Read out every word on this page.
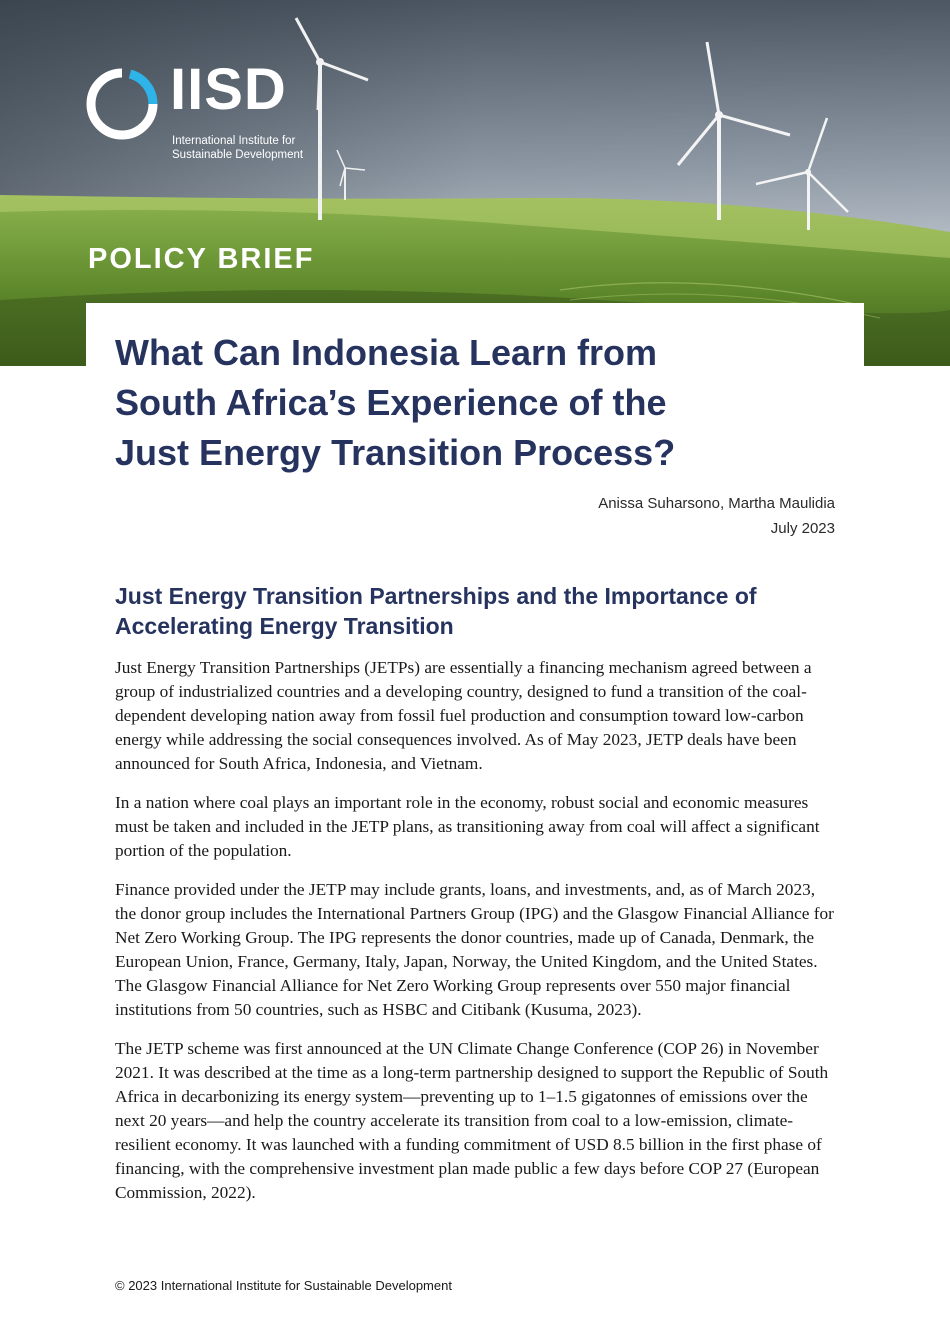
IISD
International Institute for
Sustainable Development
POLICY BRIEF
What Can Indonesia Learn from
South Africa’s Experience of the
Just Energy Transition Process?
Anissa Suharsono, Martha Maulidia
July 2023
Just Energy Transition Partnerships and the Importance of
Accelerating Energy Transition

Just Energy Transition Partnerships (JETPs) are essentially a financing mechanism agreed between a group of industrialized countries and a developing country, designed to fund a transition of the coal-dependent developing nation away from fossil fuel production and consumption toward low-carbon energy while addressing the social consequences involved. As of May 2023, JETP deals have been announced for South Africa, Indonesia, and Vietnam.

In a nation where coal plays an important role in the economy, robust social and economic measures must be taken and included in the JETP plans, as transitioning away from coal will affect a significant portion of the population.

Finance provided under the JETP may include grants, loans, and investments, and, as of March 2023, the donor group includes the International Partners Group (IPG) and the Glasgow Financial Alliance for Net Zero Working Group. The IPG represents the donor countries, made up of Canada, Denmark, the European Union, France, Germany, Italy, Japan, Norway, the United Kingdom, and the United States. The Glasgow Financial Alliance for Net Zero Working Group represents over 550 major financial institutions from 50 countries, such as HSBC and Citibank (Kusuma, 2023).

The JETP scheme was first announced at the UN Climate Change Conference (COP 26) in November 2021. It was described at the time as a long-term partnership designed to support the Republic of South Africa in decarbonizing its energy system—preventing up to 1–1.5 gigatonnes of emissions over the next 20 years—and help the country accelerate its transition from coal to a low-emission, climate-resilient economy. It was launched with a funding commitment of USD 8.5 billion in the first phase of financing, with the comprehensive investment plan made public a few days before COP 27 (European Commission, 2022).

© 2023 International Institute for Sustainable Development
